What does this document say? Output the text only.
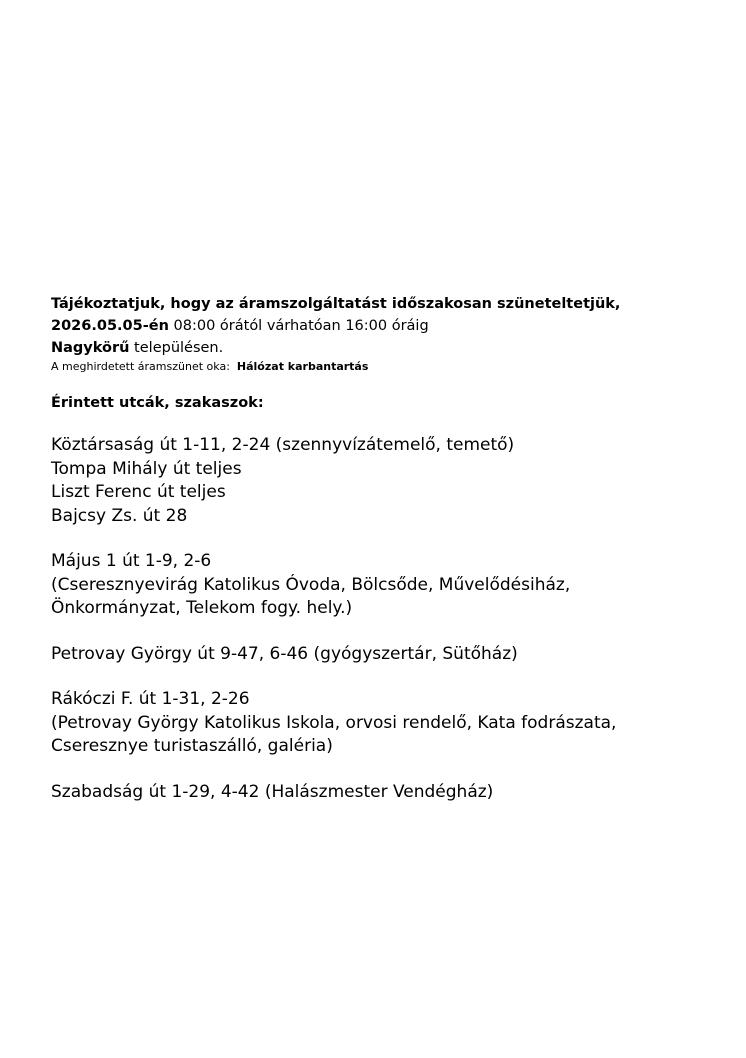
Tájékoztatjuk, hogy az áramszolgáltatást időszakosan szüneteltetjük,
2026.05.05-én 08:00 órától várhatóan 16:00 óráig
Nagykörű településen.
A meghirdetett áramszünet oka: Hálózat karbantartás
Érintett utcák, szakaszok:
Köztársaság út 1-11, 2-24 (szennyvízátemelő, temető)
Tompa Mihály út teljes
Liszt Ferenc út teljes
Bajcsy Zs. út 28
Május 1 út 1-9, 2-6
(Cseresznyevirág Katolikus Óvoda, Bölcsőde, Művelődésiház,
Önkormányzat, Telekom fogy. hely.)
Petrovay György út 9-47, 6-46 (gyógyszertár, Sütőház)
Rákóczi F. út 1-31, 2-26
(Petrovay György Katolikus Iskola, orvosi rendelő, Kata fodrászata,
Cseresznye turistaszálló, galéria)
Szabadság út 1-29, 4-42 (Halászmester Vendégház)
